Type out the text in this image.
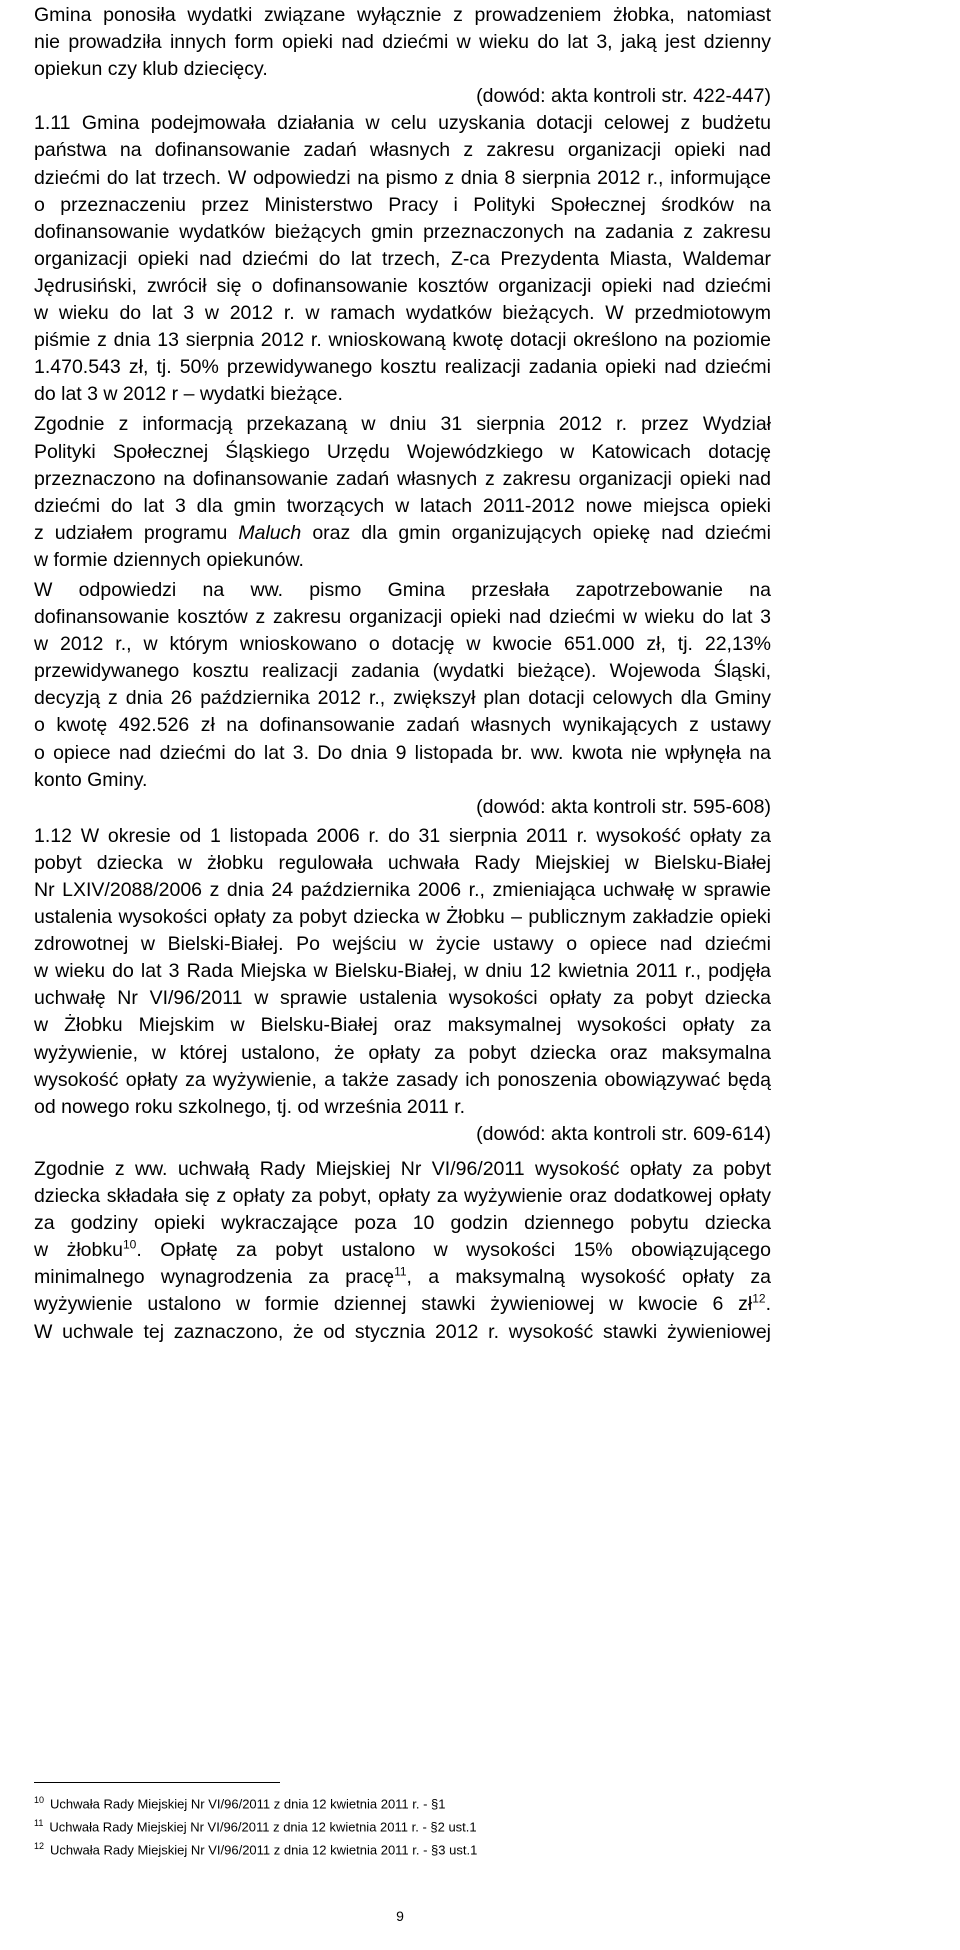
Gmina ponosiła wydatki związane wyłącznie z prowadzeniem żłobka, natomiast
nie prowadziła innych form opieki nad dziećmi w wieku do lat 3, jaką jest dzienny
opiekun czy klub dziecięcy.
(dowód: akta kontroli str. 422-447)
1.11 Gmina podejmowała działania w celu uzyskania dotacji celowej z budżetu
państwa na dofinansowanie zadań własnych z zakresu organizacji opieki nad
dziećmi do lat trzech. W odpowiedzi na pismo z dnia 8 sierpnia 2012 r., informujące
o przeznaczeniu przez Ministerstwo Pracy i Polityki Społecznej środków na
dofinansowanie wydatków bieżących gmin przeznaczonych na zadania z zakresu
organizacji opieki nad dziećmi do lat trzech, Z-ca Prezydenta Miasta, Waldemar
Jędrusiński, zwrócił się o dofinansowanie kosztów organizacji opieki nad dziećmi
w wieku do lat 3 w 2012 r. w ramach wydatków bieżących. W przedmiotowym
piśmie z dnia 13 sierpnia 2012 r. wnioskowaną kwotę dotacji określono na poziomie
1.470.543 zł, tj. 50% przewidywanego kosztu realizacji zadania opieki nad dziećmi
do lat 3 w 2012 r – wydatki bieżące.
Zgodnie z informacją przekazaną w dniu 31 sierpnia 2012 r. przez Wydział
Polityki Społecznej Śląskiego Urzędu Wojewódzkiego w Katowicach dotację
przeznaczono na dofinansowanie zadań własnych z zakresu organizacji opieki nad
dziećmi do lat 3 dla gmin tworzących w latach 2011-2012 nowe miejsca opieki
z udziałem programu Maluch oraz dla gmin organizujących opiekę nad dziećmi
w formie dziennych opiekunów.
W odpowiedzi na ww. pismo Gmina przesłała zapotrzebowanie na
dofinansowanie kosztów z zakresu organizacji opieki nad dziećmi w wieku do lat 3
w 2012 r., w którym wnioskowano o dotację w kwocie 651.000 zł, tj. 22,13%
przewidywanego kosztu realizacji zadania (wydatki bieżące). Wojewoda Śląski,
decyzją z dnia 26 października 2012 r., zwiększył plan dotacji celowych dla Gminy
o kwotę 492.526 zł na dofinansowanie zadań własnych wynikających z ustawy
o opiece nad dziećmi do lat 3. Do dnia 9 listopada br. ww. kwota nie wpłynęła na
konto Gminy.
(dowód: akta kontroli str. 595-608)
1.12 W okresie od 1 listopada 2006 r. do 31 sierpnia 2011 r. wysokość opłaty za
pobyt dziecka w żłobku regulowała uchwała Rady Miejskiej w Bielsku-Białej
Nr LXIV/2088/2006 z dnia 24 października 2006 r., zmieniająca uchwałę w sprawie
ustalenia wysokości opłaty za pobyt dziecka w Żłobku – publicznym zakładzie opieki
zdrowotnej w Bielski-Białej. Po wejściu w życie ustawy o opiece nad dziećmi
w wieku do lat 3 Rada Miejska w Bielsku-Białej, w dniu 12 kwietnia 2011 r., podjęła
uchwałę Nr VI/96/2011 w sprawie ustalenia wysokości opłaty za pobyt dziecka
w Żłobku Miejskim w Bielsku-Białej oraz maksymalnej wysokości opłaty za
wyżywienie, w której ustalono, że opłaty za pobyt dziecka oraz maksymalna
wysokość opłaty za wyżywienie, a także zasady ich ponoszenia obowiązywać będą
od nowego roku szkolnego, tj. od września 2011 r.
(dowód: akta kontroli str. 609-614)
Zgodnie z ww. uchwałą Rady Miejskiej Nr VI/96/2011 wysokość opłaty za pobyt
dziecka składała się z opłaty za pobyt, opłaty za wyżywienie oraz dodatkowej opłaty
za godziny opieki wykraczające poza 10 godzin dziennego pobytu dziecka
w żłobku$^{10}$. Opłatę za pobyt ustalono w wysokości 15% obowiązującego
minimalnego wynagrodzenia za pracę$^{11}$, a maksymalną wysokość opłaty za
wyżywienie ustalono w formie dziennej stawki żywieniowej w kwocie 6 $zł^{12}$.
W uchwale tej zaznaczono, że od stycznia 2012 r. wysokość stawki żywieniowej
$^{10}$ Uchwała Rady Miejskiej Nr VI/96/2011 z dnia 12 kwietnia 2011 r. - §1
$^{11}$ Uchwała Rady Miejskiej Nr VI/96/2011 z dnia 12 kwietnia 2011 r. - §2 ust.1
$^{12}$ Uchwała Rady Miejskiej Nr VI/96/2011 z dnia 12 kwietnia 2011 r. - §3 ust.1
9
